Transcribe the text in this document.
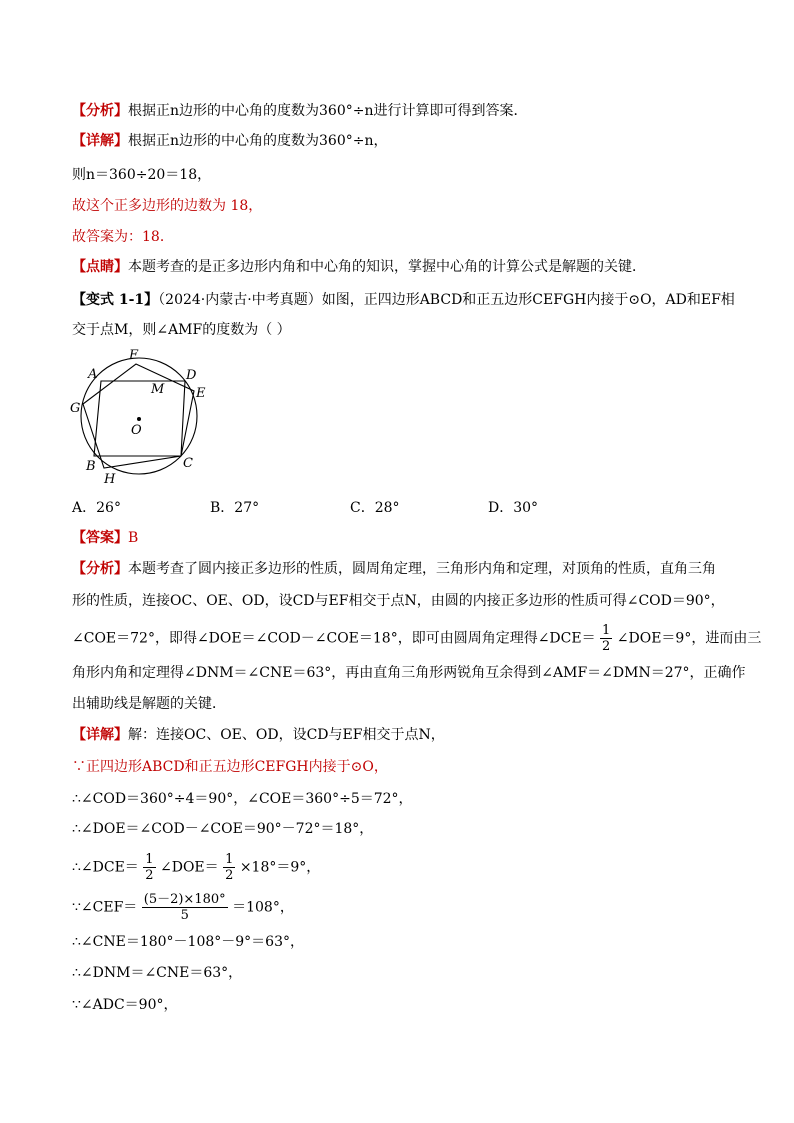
【分析】根据正n边形的中心角的度数为360°÷n进行计算即可得到答案．
【详解】根据正n边形的中心角的度数为360°÷n，
则n＝360÷20＝18，
故这个正多边形的边数为 18，
故答案为：18．
【点睛】本题考查的是正多边形内角和中心角的知识，掌握中心角的计算公式是解题的关键．
【变式 1-1】（2024·内蒙古·中考真题）如图，正四边形ABCD和正五边形CEFGH内接于⊙O，AD和EF相
交于点M，则∠AMF的度数为（ ）
F
A	D
E
M
G
O
B	C
H
A．26°	B．27°	C．28°	D．30°
【答案】B
【分析】本题考查了圆内接正多边形的性质，圆周角定理，三角形内角和定理，对顶角的性质，直角三角
形的性质，连接OC、OE、OD，设CD与EF相交于点N，由圆的内接正多边形的性质可得∠COD＝90°，
∠COE＝72°，即得∠DOE＝∠COD－∠COE＝18°，即可由圆周角定理得∠DCE＝ $\frac{1}{2}$ ∠DOE＝9°，进而由三
角形内角和定理得∠DNM＝∠CNE＝63°，再由直角三角形两锐角互余得到∠AMF＝∠DMN＝27°，正确作
出辅助线是解题的关键．
【详解】解：连接OC、OE、OD，设CD与EF相交于点N，
∵正四边形ABCD和正五边形CEFGH内接于⊙O，
∴∠COD＝360°÷4＝90°，∠COE＝360°÷5＝72°，
∴∠DOE＝∠COD－∠COE＝90°－72°＝18°，
∴∠DCE＝ $\frac{1}{2}$ ∠DOE＝ $\frac{1}{2} \times 18^\circ=9^\circ$，
∵∠CEF＝ $\frac{(5-2)\times 180^\circ}{5} =108^\circ$，
∴∠CNE＝180°－108°－9°＝63°，
∴∠DNM＝∠CNE＝63°，
∵∠ADC＝90°，
